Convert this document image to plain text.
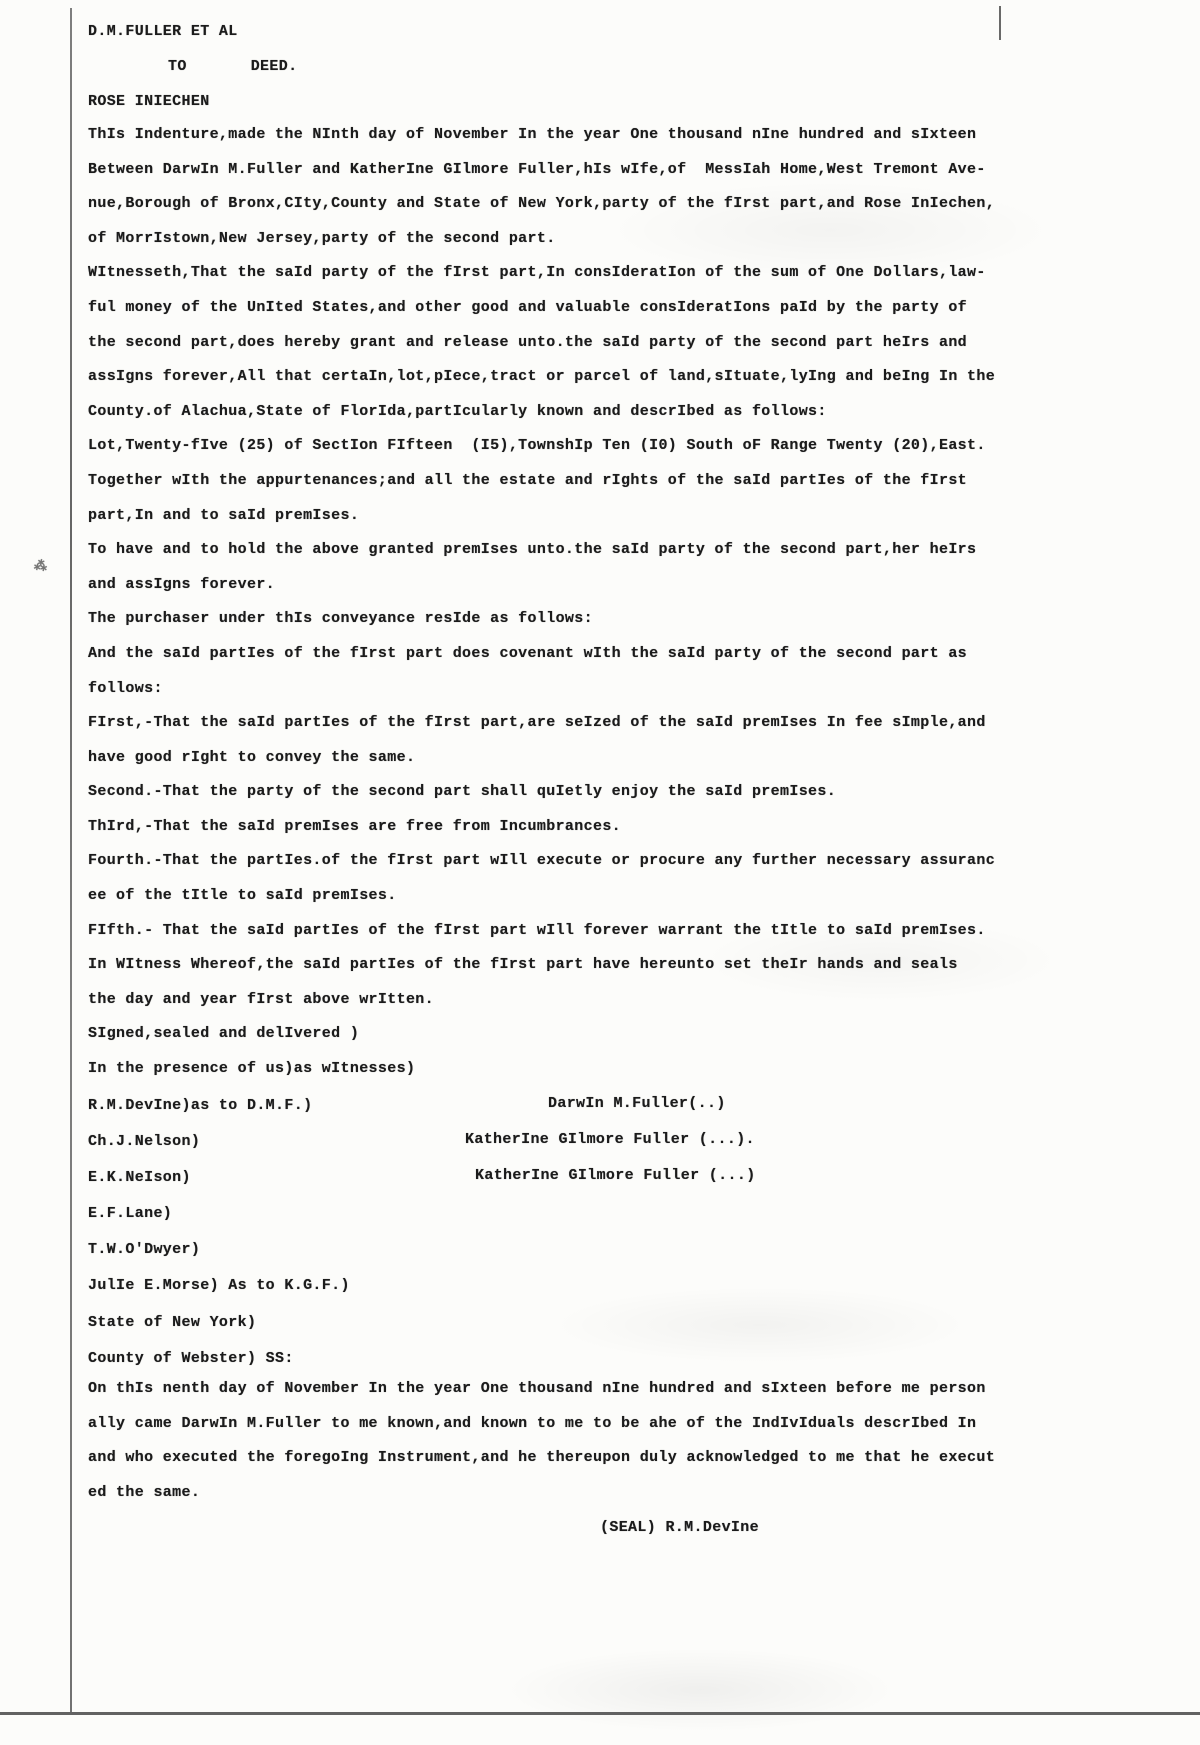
⁂
D.M.FULLER ET AL
TO	DEED.
ROSE INIECHEN
ThIs Indenture,made the NInth day of November In the year One thousand nIne hundred and sIxteen
Between DarwIn M.Fuller and KatherIne GIlmore Fuller,hIs wIfe,of  MessIah Home,West Tremont Ave-
nue,Borough of Bronx,CIty,County and State of New York,party of the fIrst part,and Rose InIechen,
of MorrIstown,New Jersey,party of the second part.
WItnesseth,That the saId party of the fIrst part,In consIderatIon of the sum of One Dollars,law-
ful money of the UnIted States,and other good and valuable consIderatIons paId by the party of
the second part,does hereby grant and release unto.the saId party of the second part heIrs and
assIgns forever,All that certaIn,lot,pIece,tract or parcel of land,sItuate,lyIng and beIng In the
County.of Alachua,State of FlorIda,partIcularly known and descrIbed as follows:
Lot,Twenty-fIve (25) of SectIon FIfteen  (I5),TownshIp Ten (I0) South oF Range Twenty (20),East.
Together wIth the appurtenances;and all the estate and rIghts of the saId partIes of the fIrst
part,In and to saId premIses.
To have and to hold the above granted premIses unto.the saId party of the second part,her heIrs
and assIgns forever.
The purchaser under thIs conveyance resIde as follows:
And the saId partIes of the fIrst part does covenant wIth the saId party of the second part as
follows:
FIrst,-That the saId partIes of the fIrst part,are seIzed of the saId premIses In fee sImple,and
have good rIght to convey the same.
Second.-That the party of the second part shall quIetly enjoy the saId premIses.
ThIrd,-That the saId premIses are free from Incumbrances.
Fourth.-That the partIes.of the fIrst part wIll execute or procure any further necessary assuranc
ee of the tItle to saId premIses.
FIfth.- That the saId partIes of the fIrst part wIll forever warrant the tItle to saId premIses.
In WItness Whereof,the saId partIes of the fIrst part have hereunto set theIr hands and seals
the day and year fIrst above wrItten.
SIgned,sealed and delIvered )
In the presence of us)as wItnesses)
R.M.DevIne)as to D.M.F.)	DarwIn M.Fuller(..)
Ch.J.Nelson)	KatherIne GIlmore Fuller (...).
E.K.NeIson)	KatherIne GIlmore Fuller (...)
E.F.Lane)
T.W.O'Dwyer)
JulIe E.Morse) As to K.G.F.)
State of New York)
County of Webster) SS:
On thIs nenth day of November In the year One thousand nIne hundred and sIxteen before me person
ally came DarwIn M.Fuller to me known,and known to me to be ahe of the IndIvIduals descrIbed In
and who executed the foregoIng Instrument,and he thereupon duly acknowledged to me that he execut
ed the same.
(SEAL) R.M.DevIne
